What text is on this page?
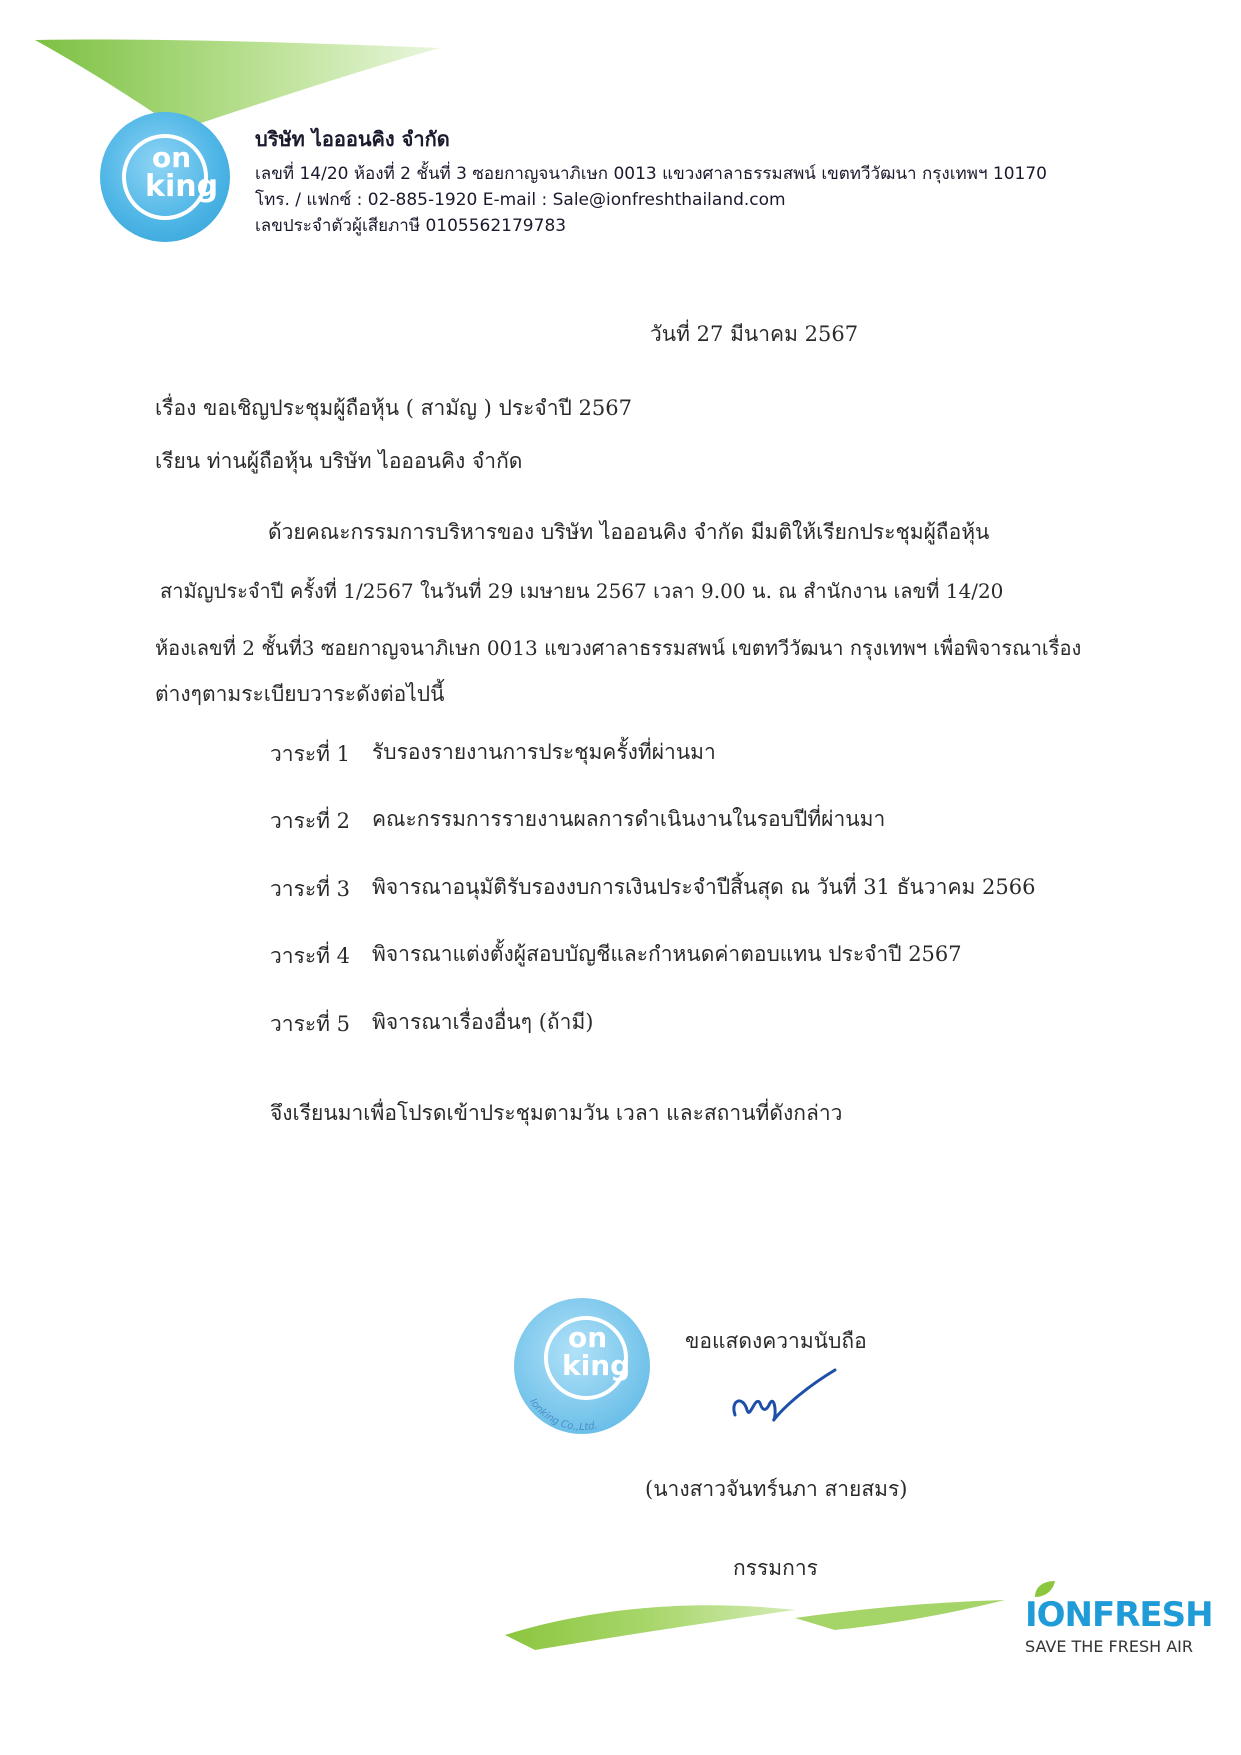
on
king
บริษัท ไอออนคิง จำกัด
เลขที่ 14/20 ห้องที่ 2 ชั้นที่ 3 ซอยกาญจนาภิเษก 0013 แขวงศาลาธรรมสพน์ เขตทวีวัฒนา กรุงเทพฯ 10170
โทร. / แฟกซ์ : 02-885-1920 E-mail : Sale@ionfreshthailand.com
เลขประจำตัวผู้เสียภาษี 0105562179783
วันที่ 27 มีนาคม 2567
เรื่อง ขอเชิญประชุมผู้ถือหุ้น ( สามัญ ) ประจำปี 2567
เรียน ท่านผู้ถือหุ้น บริษัท ไอออนคิง จำกัด
ด้วยคณะกรรมการบริหารของ บริษัท ไอออนคิง จำกัด มีมติให้เรียกประชุมผู้ถือหุ้น
สามัญประจำปี ครั้งที่ 1/2567 ในวันที่ 29 เมษายน 2567 เวลา 9.00 น. ณ สำนักงาน เลขที่ 14/20
ห้องเลขที่ 2 ชั้นที่3 ซอยกาญจนาภิเษก 0013 แขวงศาลาธรรมสพน์ เขตทวีวัฒนา กรุงเทพฯ เพื่อพิจารณาเรื่อง
ต่างๆตามระเบียบวาระดังต่อไปนี้
วาระที่ 1 รับรองรายงานการประชุมครั้งที่ผ่านมา
วาระที่ 2 คณะกรรมการรายงานผลการดำเนินงานในรอบปีที่ผ่านมา
วาระที่ 3 พิจารณาอนุมัติรับรองงบการเงินประจำปีสิ้นสุด ณ วันที่ 31 ธันวาคม 2566
วาระที่ 4 พิจารณาแต่งตั้งผู้สอบบัญชีและกำหนดค่าตอบแทน ประจำปี 2567
วาระที่ 5 พิจารณาเรื่องอื่นๆ (ถ้ามี)
จึงเรียนมาเพื่อโปรดเข้าประชุมตามวัน เวลา และสถานที่ดังกล่าว
ขอแสดงความนับถือ
(นางสาวจันทร์นภา สายสมร)
กรรมการ
Ionking Co.,Ltd.
on
king
IONFRESH
SAVE THE FRESH AIR
